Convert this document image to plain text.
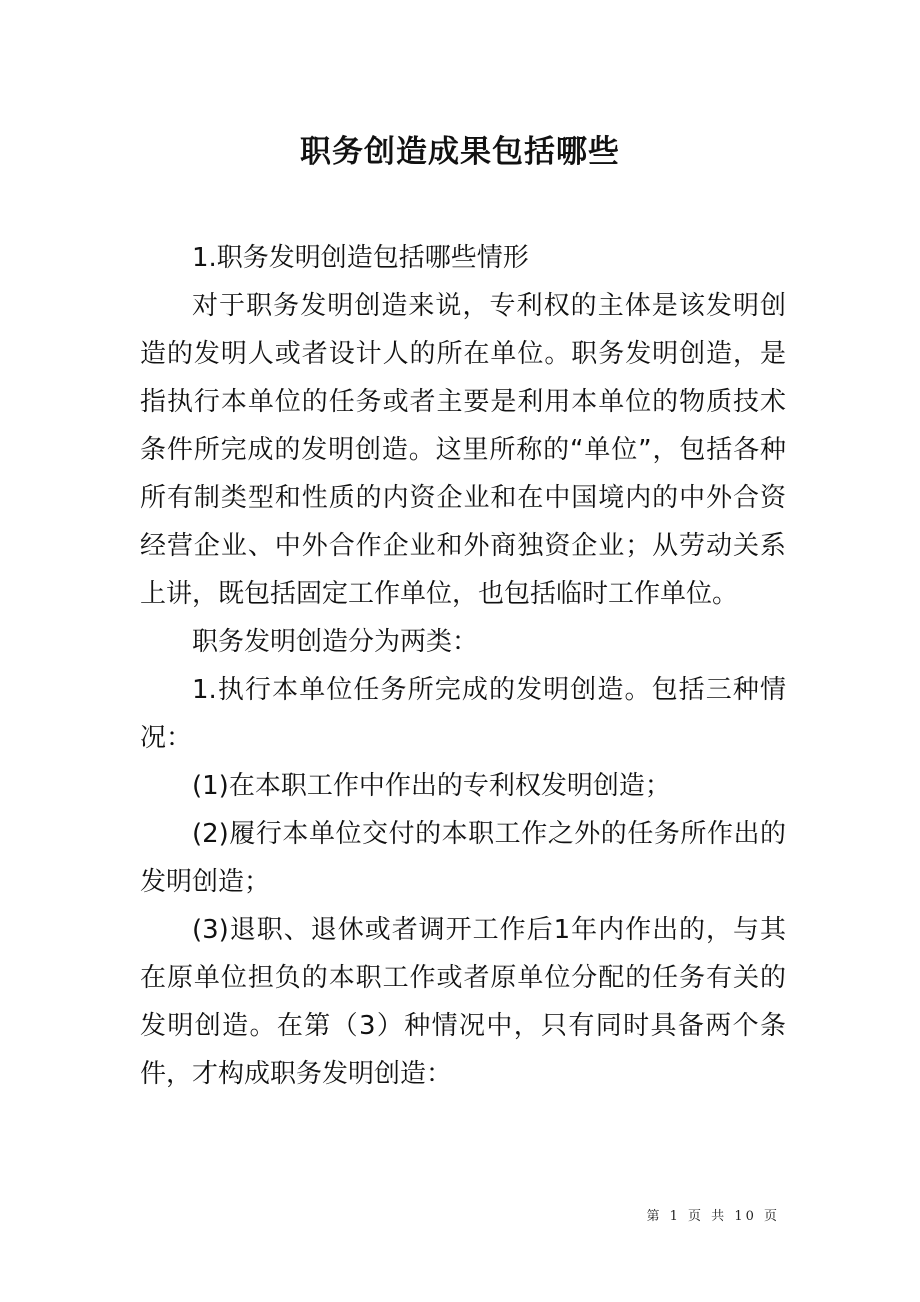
职务创造成果包括哪些

1.职务发明创造包括哪些情形

对于职务发明创造来说，专利权的主体是该发明创造的发明人或者设计人的所在单位。职务发明创造，是指执行本单位的任务或者主要是利用本单位的物质技术条件所完成的发明创造。这里所称的“单位”，包括各种所有制类型和性质的内资企业和在中国境内的中外合资经营企业、中外合作企业和外商独资企业；从劳动关系上讲，既包括固定工作单位，也包括临时工作单位。

职务发明创造分为两类：

1.执行本单位任务所完成的发明创造。包括三种情况：

(1)在本职工作中作出的专利权发明创造；

(2)履行本单位交付的本职工作之外的任务所作出的发明创造；

(3)退职、退休或者调开工作后1年内作出的，与其在原单位担负的本职工作或者原单位分配的任务有关的发明创造。在第（3）种情况中，只有同时具备两个条件，才构成职务发明创造：

第 1 页 共 10 页
